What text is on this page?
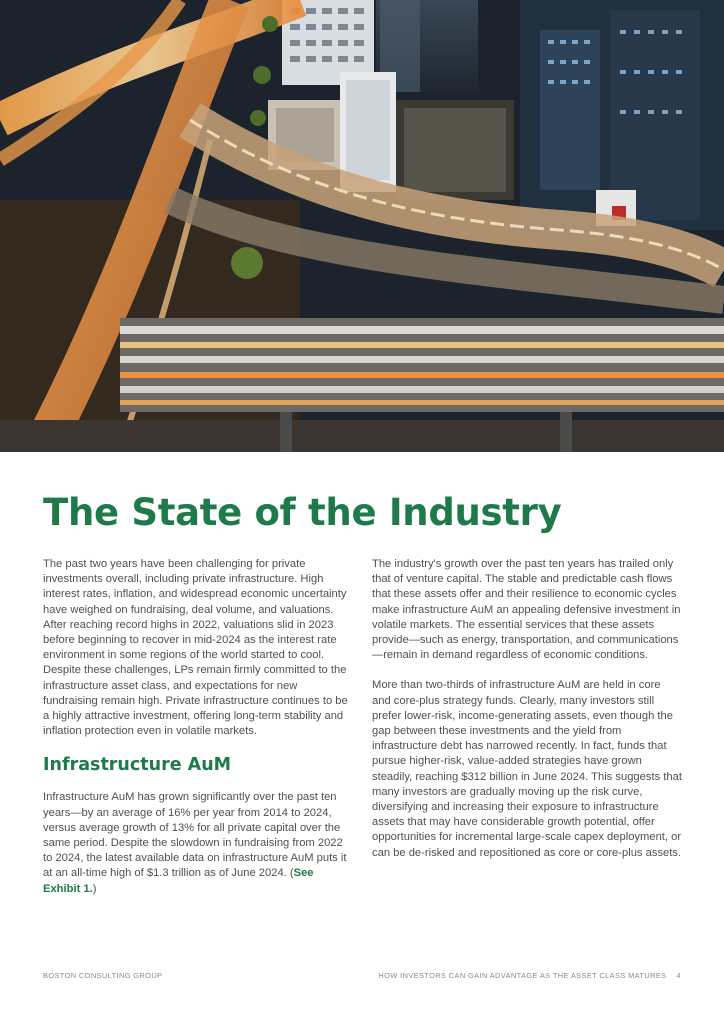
The State of the Industry

The past two years have been challenging for private investments overall, including private infrastructure. High interest rates, inflation, and widespread economic uncertainty have weighed on fundraising, deal volume, and valuations. After reaching record highs in 2022, valuations slid in 2023 before beginning to recover in mid-2024 as the interest rate environment in some regions of the world started to cool. Despite these challenges, LPs remain firmly committed to the infrastructure asset class, and expectations for new fundraising remain high. Private infrastructure continues to be a highly attractive investment, offering long-term stability and inflation protection even in volatile markets.

Infrastructure AuM

Infrastructure AuM has grown significantly over the past ten years—by an average of 16% per year from 2014 to 2024, versus average growth of 13% for all private capital over the same period. Despite the slowdown in fundraising from 2022 to 2024, the latest available data on infrastructure AuM puts it at an all-time high of $1.3 trillion as of June 2024. (See Exhibit 1.)

The industry's growth over the past ten years has trailed only that of venture capital. The stable and predictable cash flows that these assets offer and their resilience to economic cycles make infrastructure AuM an appealing defensive investment in volatile markets. The essential services that these assets provide—such as energy, transportation, and communications—remain in demand regardless of economic conditions.

More than two-thirds of infrastructure AuM are held in core and core-plus strategy funds. Clearly, many investors still prefer lower-risk, income-generating assets, even though the gap between these investments and the yield from infrastructure debt has narrowed recently. In fact, funds that pursue higher-risk, value-added strategies have grown steadily, reaching $312 billion in June 2024. This suggests that many investors are gradually moving up the risk curve, diversifying and increasing their exposure to infrastructure assets that may have considerable growth potential, offer opportunities for incremental large-scale capex deployment, or can be de-risked and repositioned as core or core-plus assets.

BOSTON CONSULTING GROUP	HOW INVESTORS CAN GAIN ADVANTAGE AS THE ASSET CLASS MATURES 4
